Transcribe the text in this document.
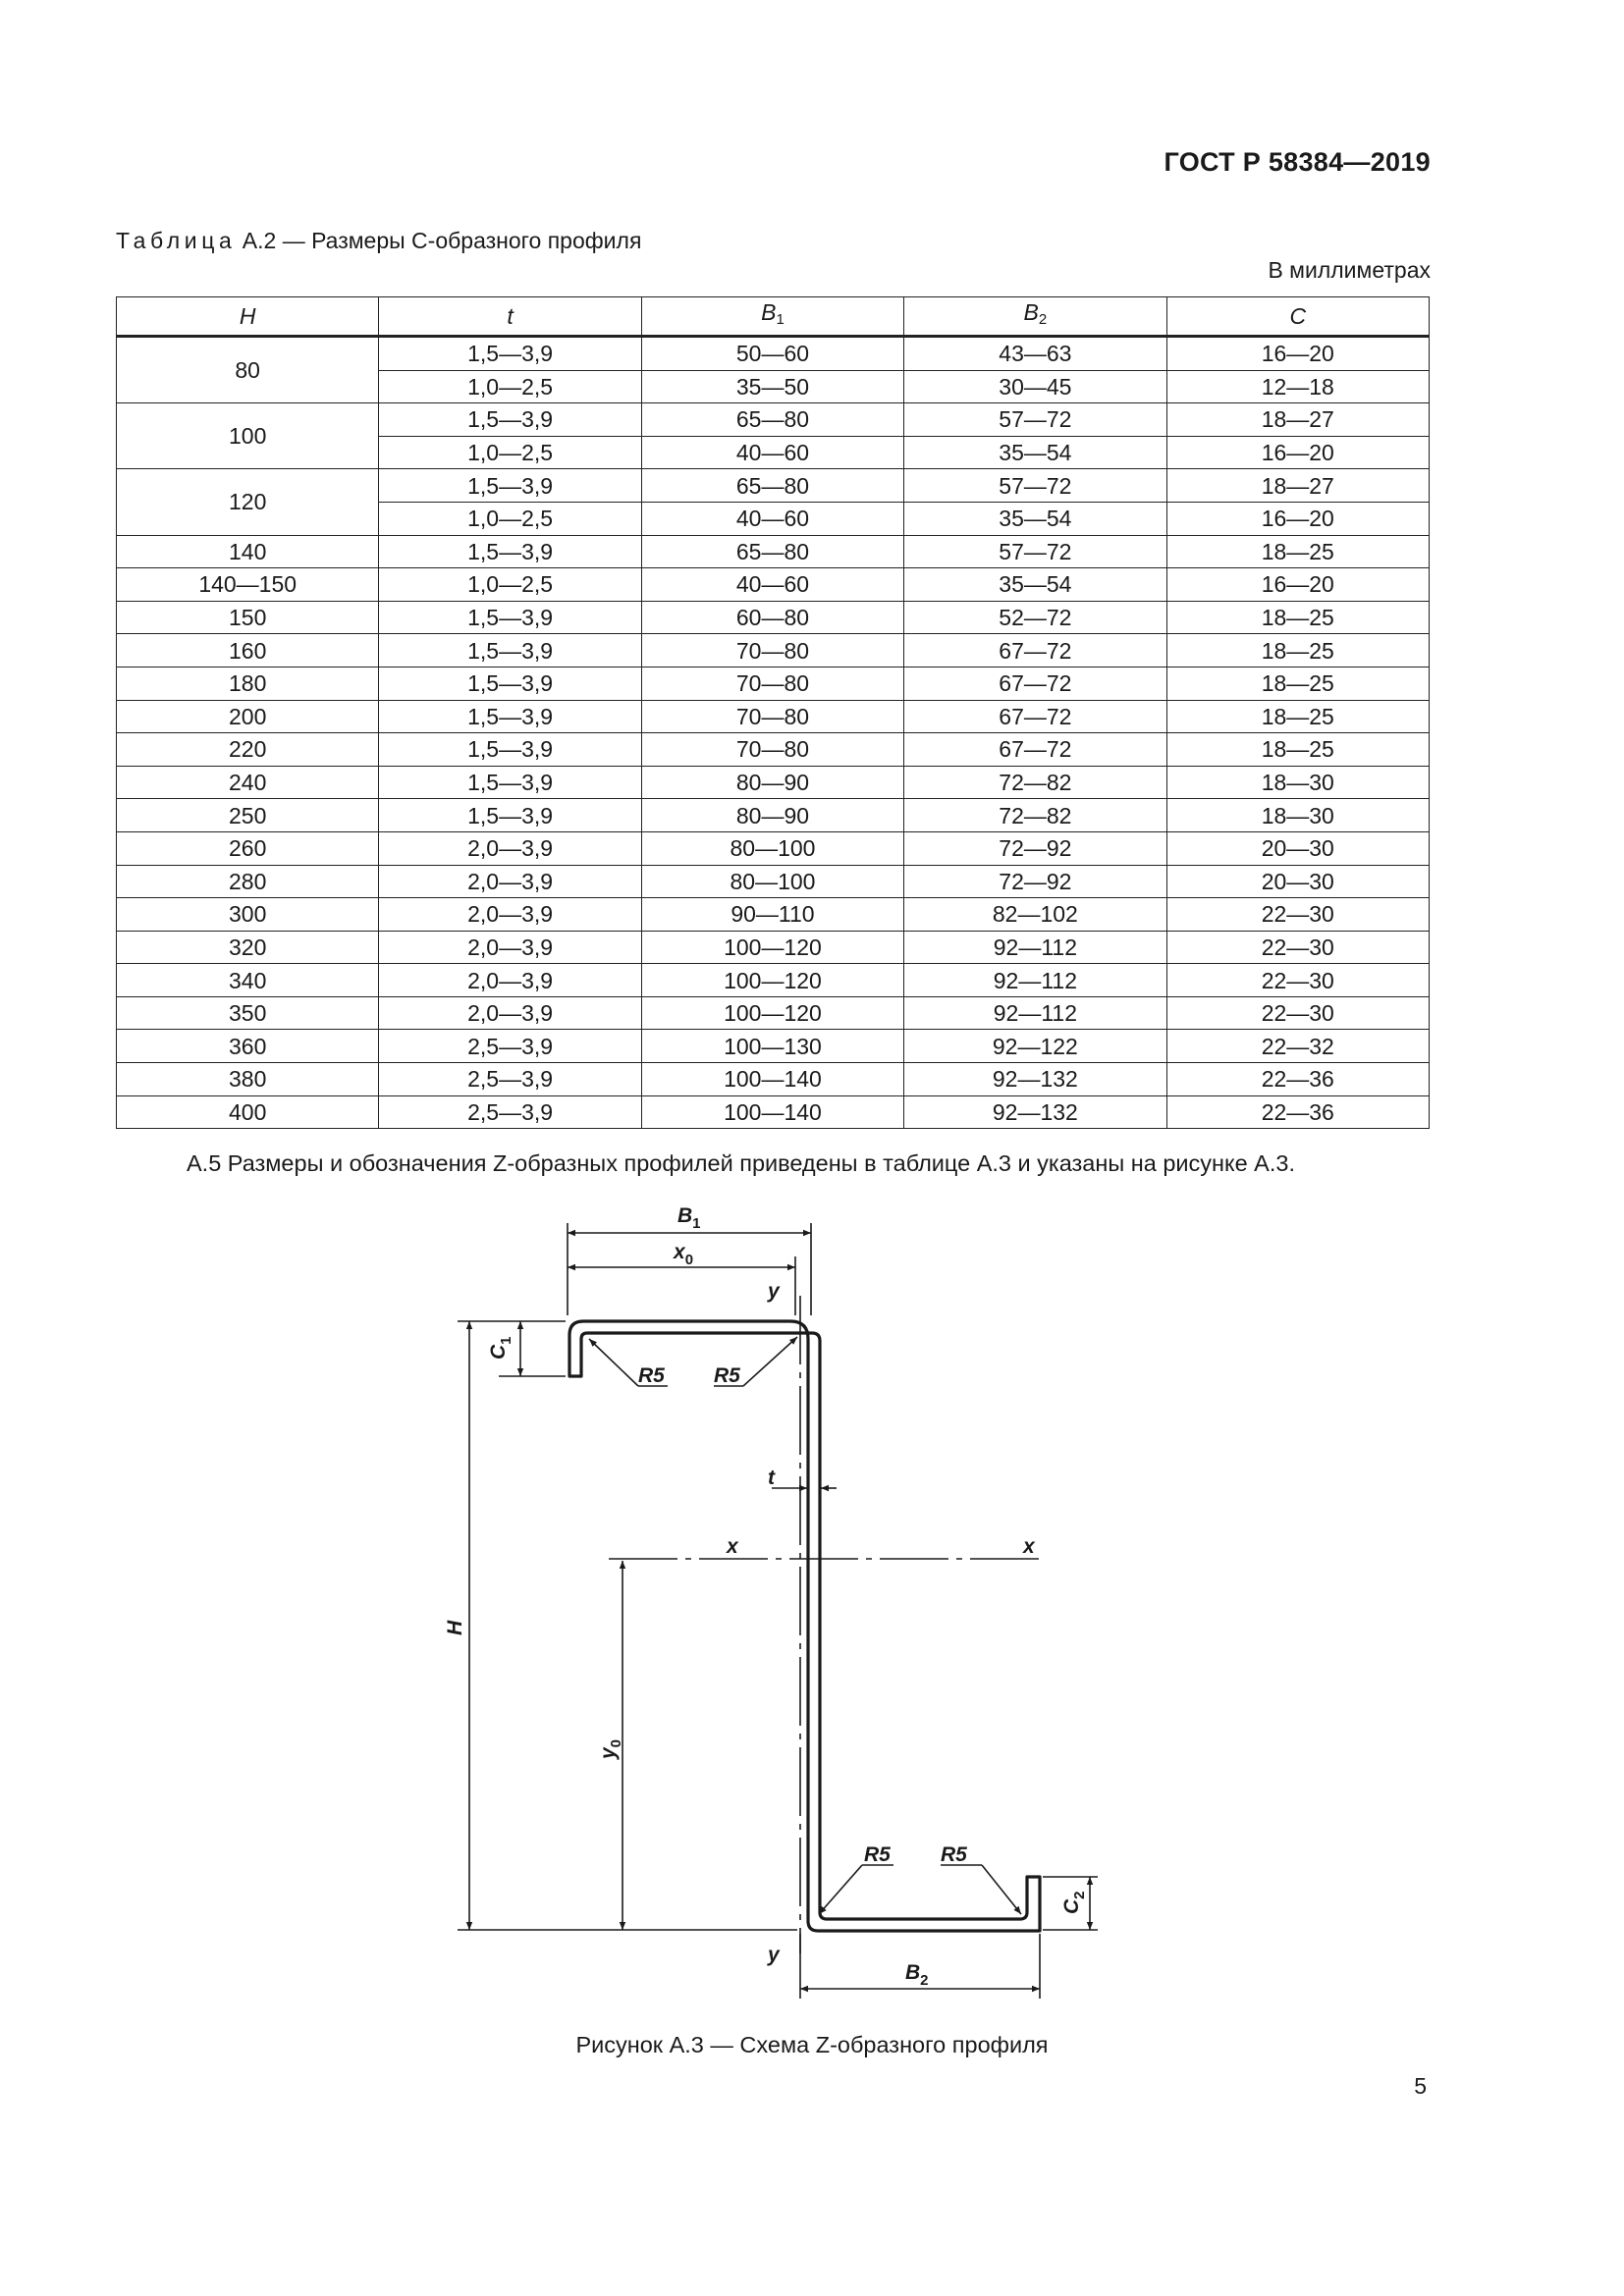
ГОСТ Р 58384—2019
Таблица А.2 — Размеры С-образного профиля
В миллиметрах
H	t	$B_1$	$B_2$	C
80	1,5—3,9	50—60	43—63	16—20
	1,0—2,5	35—50	30—45	12—18
100	1,5—3,9	65—80	57—72	18—27
	1,0—2,5	40—60	35—54	16—20
120	1,5—3,9	65—80	57—72	18—27
	1,0—2,5	40—60	35—54	16—20
140	1,5—3,9	65—80	57—72	18—25
140—150	1,0—2,5	40—60	35—54	16—20
150	1,5—3,9	60—80	52—72	18—25
160	1,5—3,9	70—80	67—72	18—25
180	1,5—3,9	70—80	67—72	18—25
200	1,5—3,9	70—80	67—72	18—25
220	1,5—3,9	70—80	67—72	18—25
240	1,5—3,9	80—90	72—82	18—30
250	1,5—3,9	80—90	72—82	18—30
260	2,0—3,9	80—100	72—92	20—30
280	2,0—3,9	80—100	72—92	20—30
300	2,0—3,9	90—110	82—102	22—30
320	2,0—3,9	100—120	92—112	22—30
340	2,0—3,9	100—120	92—112	22—30
350	2,0—3,9	100—120	92—112	22—30
360	2,5—3,9	100—130	92—122	22—32
380	2,5—3,9	100—140	92—132	22—36
400	2,5—3,9	100—140	92—132	22—36
А.5 Размеры и обозначения Z-образных профилей приведены в таблице А.3 и указаны на рисунке А.3.
$B_1$
$x_0$
y
$C_1$
R5 R5
t
x	x
H
$y_0$
R5 R5
$C_2$
y
$B_2$
Рисунок А.3 — Схема Z-образного профиля
5
